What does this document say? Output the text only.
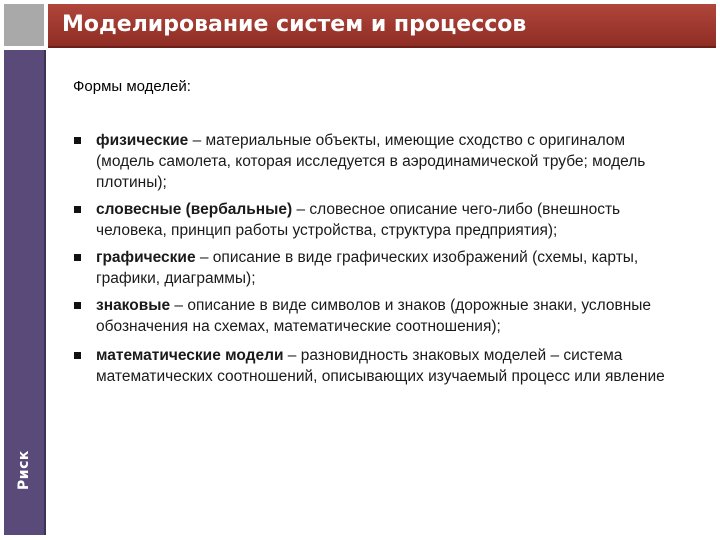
Риск
Моделирование систем и процессов
Формы моделей:
физические – материальные объекты, имеющие сходство с оригиналом (модель самолета, которая исследуется в аэродинамической трубе; модель плотины);
словесные (вербальные) – словесное описание чего-либо (внешность человека, принцип работы устройства, структура предприятия);
графические – описание в виде графических изображений (схемы, карты, графики, диаграммы);
знаковые – описание в виде символов и знаков (дорожные знаки, условные обозначения на схемах, математические соотношения);
математические модели – разновидность знаковых моделей – система математических соотношений, описывающих изучаемый процесс или явление
